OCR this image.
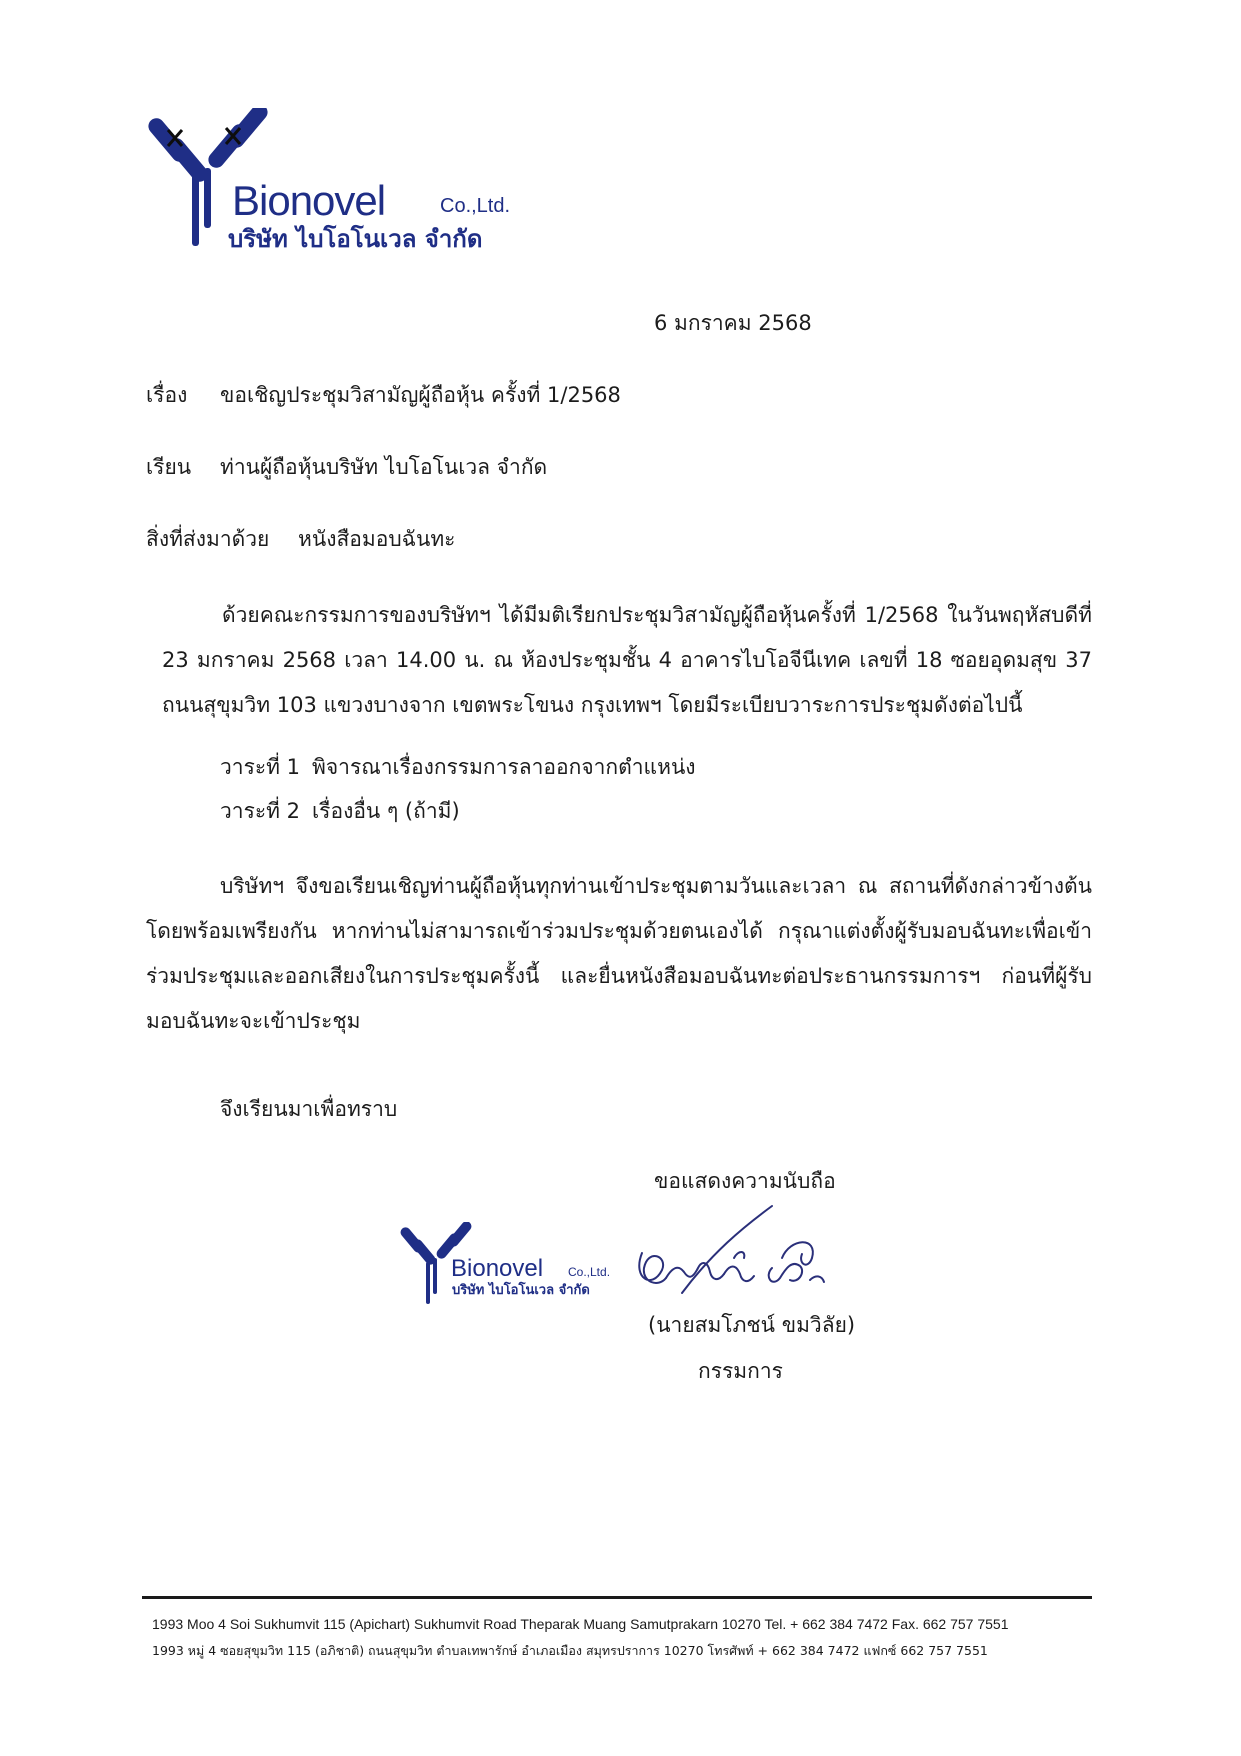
Bionovel	Co.,Ltd.
บริษัท ไบโอโนเวล จำกัด
6 มกราคม 2568
เรื่อง ขอเชิญประชุมวิสามัญผู้ถือหุ้น ครั้งที่ 1/2568
เรียน ท่านผู้ถือหุ้นบริษัท ไบโอโนเวล จำกัด
สิ่งที่ส่งมาด้วย หนังสือมอบฉันทะ
ด้วยคณะกรรมการของบริษัทฯ ได้มีมติเรียกประชุมวิสามัญผู้ถือหุ้นครั้งที่ 1/2568 ในวันพฤหัสบดีที่ 23 มกราคม 2568 เวลา 14.00 น. ณ ห้องประชุมชั้น 4 อาคารไบโอจีนีเทค เลขที่ 18 ซอยอุดมสุข 37 ถนนสุขุมวิท 103 แขวงบางจาก เขตพระโขนง กรุงเทพฯ โดยมีระเบียบวาระการประชุมดังต่อไปนี้
วาระที่ 1 พิจารณาเรื่องกรรมการลาออกจากตำแหน่ง
วาระที่ 2 เรื่องอื่น ๆ (ถ้ามี)
บริษัทฯ จึงขอเรียนเชิญท่านผู้ถือหุ้นทุกท่านเข้าประชุมตามวันและเวลา ณ สถานที่ดังกล่าวข้างต้น โดยพร้อมเพรียงกัน หากท่านไม่สามารถเข้าร่วมประชุมด้วยตนเองได้ กรุณาแต่งตั้งผู้รับมอบฉันทะเพื่อเข้าร่วมประชุมและออกเสียงในการประชุมครั้งนี้ และยื่นหนังสือมอบฉันทะต่อประธานกรรมการฯ ก่อนที่ผู้รับมอบฉันทะจะเข้าประชุม
จึงเรียนมาเพื่อทราบ
ขอแสดงความนับถือ
Bionovel Co.,Ltd.
บริษัท ไบโอโนเวล จำกัด
(นายสมโภชน์ ขมวิลัย)
กรรมการ
1993 Moo 4 Soi Sukhumvit 115 (Apichart) Sukhumvit Road Theparak Muang Samutprakarn 10270 Tel. + 662 384 7472 Fax. 662 757 7551
1993 หมู่ 4 ซอยสุขุมวิท 115 (อภิชาติ) ถนนสุขุมวิท ตำบลเทพารักษ์ อำเภอเมือง สมุทรปราการ 10270 โทรศัพท์ + 662 384 7472 แฟกซ์ 662 757 7551
